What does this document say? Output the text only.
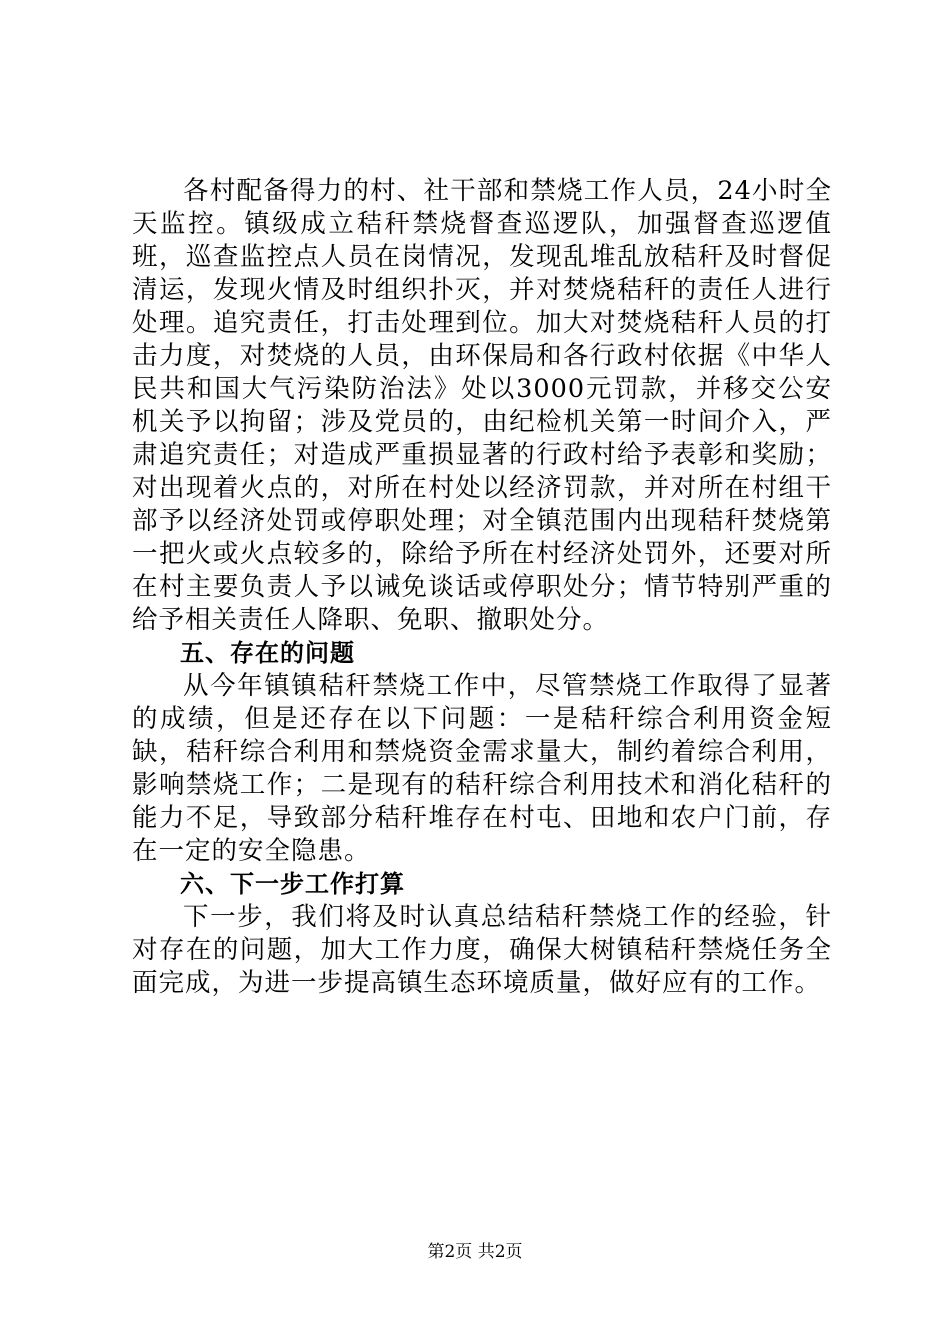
各村配备得力的村、社干部和禁烧工作人员，24小时全天监控。镇级成立秸秆禁烧督查巡逻队，加强督查巡逻值班，巡查监控点人员在岗情况，发现乱堆乱放秸秆及时督促清运，发现火情及时组织扑灭，并对焚烧秸秆的责任人进行处理。追究责任，打击处理到位。加大对焚烧秸秆人员的打击力度，对焚烧的人员，由环保局和各行政村依据《中华人民共和国大气污染防治法》处以3000元罚款，并移交公安机关予以拘留；涉及党员的，由纪检机关第一时间介入，严肃追究责任；对造成严重损显著的行政村给予表彰和奖励；对出现着火点的，对所在村处以经济罚款，并对所在村组干部予以经济处罚或停职处理；对全镇范围内出现秸秆焚烧第一把火或火点较多的，除给予所在村经济处罚外，还要对所在村主要负责人予以诫免谈话或停职处分；情节特别严重的给予相关责任人降职、免职、撤职处分。

五、存在的问题

从今年镇镇秸秆禁烧工作中，尽管禁烧工作取得了显著的成绩，但是还存在以下问题：一是秸秆综合利用资金短缺，秸秆综合利用和禁烧资金需求量大，制约着综合利用，影响禁烧工作；二是现有的秸秆综合利用技术和消化秸秆的能力不足，导致部分秸秆堆存在村屯、田地和农户门前，存在一定的安全隐患。

六、下一步工作打算

下一步，我们将及时认真总结秸秆禁烧工作的经验，针对存在的问题，加大工作力度，确保大树镇秸秆禁烧任务全面完成，为进一步提高镇生态环境质量，做好应有的工作。

第2页 共2页
